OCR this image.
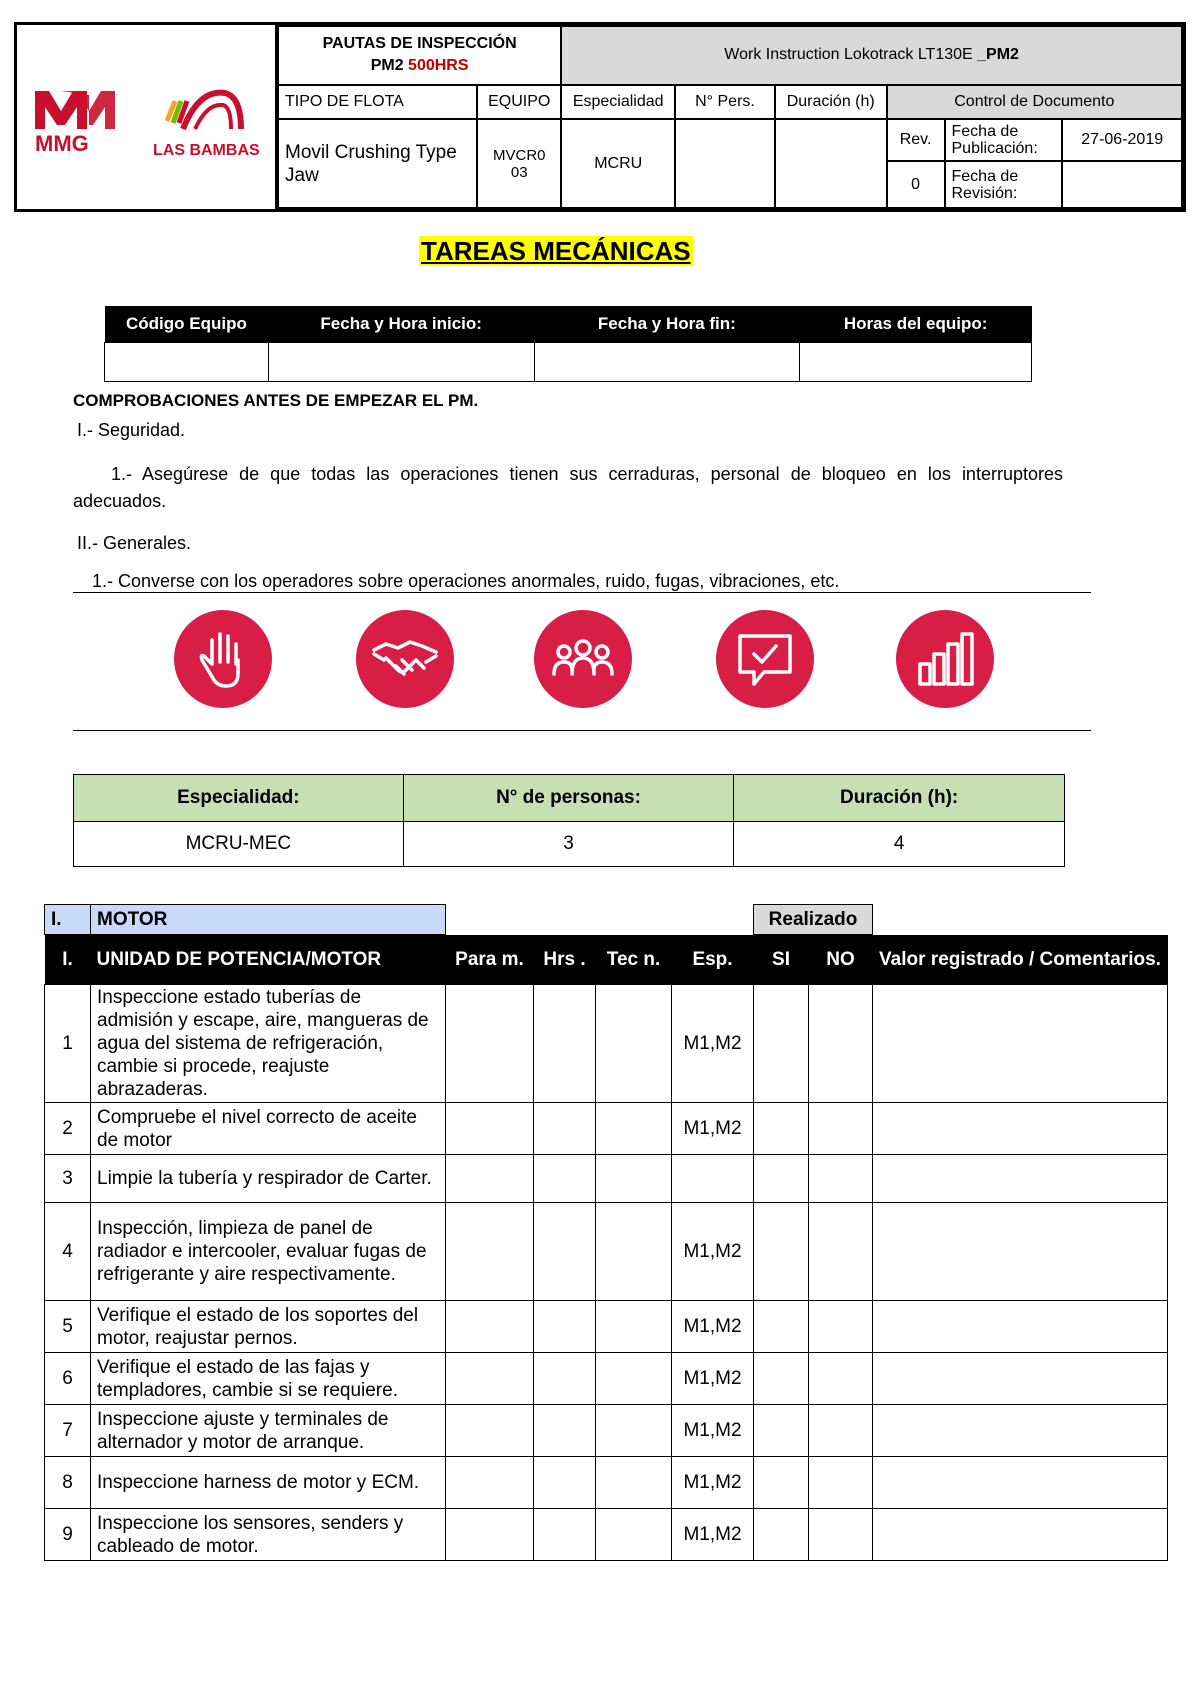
MMG	LAS BAMBAS
PAUTAS DE INSPECCIÓN
PM2 500HRS		Work Instruction Lokotrack LT130E _PM2					
TIPO DE FLOTA	EQUIPO	Especialidad	N° Pers.	Duración (h)	Control de Documento		
Movil Crushing Type Jaw	MVCR0 03	MCRU			Rev.	Fecha de Publicación:	27-06-2019
					0	Fecha de Revisión:	
TAREAS MECÁNICAS
Código Equipo	Fecha y Hora inicio:	Fecha y Hora fin:	Horas del equipo:

COMPROBACIONES ANTES DE EMPEZAR EL PM.
I.- Seguridad.
1.- Asegúrese de que todas las operaciones tienen sus cerraduras, personal de bloqueo en los interruptores adecuados.
II.- Generales.
1.- Converse con los operadores sobre operaciones anormales, ruido, fugas, vibraciones, etc.
Especialidad:	N° de personas:	Duración (h):
MCRU-MEC	3	4
I.	MOTOR					Realizado		
I.	UNIDAD DE POTENCIA/MOTOR	Para m.	Hrs .	Tec n.	Esp.	SI	NO	Valor registrado / Comentarios.
1	Inspeccione estado tuberías de admisión y escape, aire, mangueras de agua del sistema de refrigeración, cambie si procede, reajuste abrazaderas.				M1,M2			
2	Compruebe el nivel correcto de aceite de motor				M1,M2			
3	Limpie la tubería y respirador de Carter.							
4	Inspección, limpieza de panel de radiador e intercooler, evaluar fugas de refrigerante y aire respectivamente.				M1,M2			
5	Verifique el estado de los soportes del motor, reajustar pernos.				M1,M2			
6	Verifique el estado de las fajas y templadores, cambie si se requiere.				M1,M2			
7	Inspeccione ajuste y terminales de alternador y motor de arranque.				M1,M2			
8	Inspeccione harness de motor y ECM.				M1,M2			
9	Inspeccione los sensores, senders y cableado de motor.				M1,M2			
